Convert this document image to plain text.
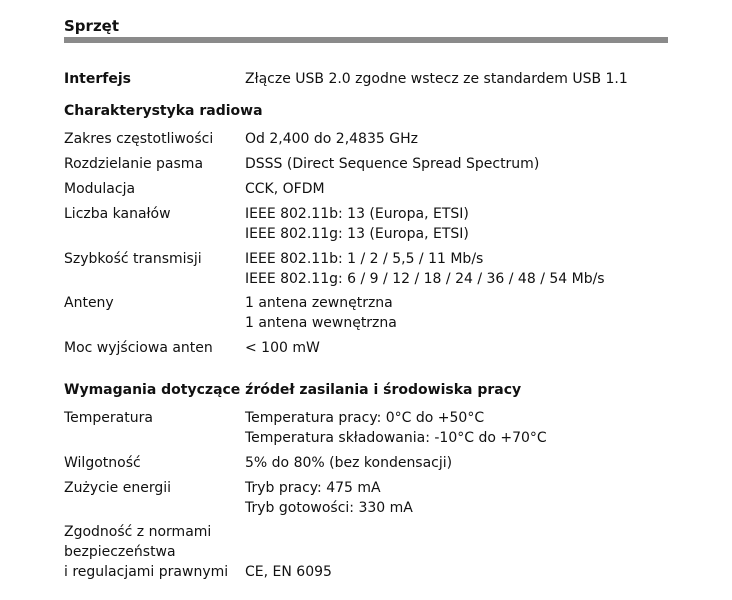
Sprzęt
Interfejs	Złącze USB 2.0 zgodne wstecz ze standardem USB 1.1
Charakterystyka radiowa
Zakres częstotliwości	Od 2,400 do 2,4835 GHz
Rozdzielanie pasma	DSSS (Direct Sequence Spread Spectrum)
Modulacja	CCK, OFDM
Liczba kanałów	IEEE 802.11b: 13 (Europa, ETSI)
IEEE 802.11g: 13 (Europa, ETSI)
Szybkość transmisji	IEEE 802.11b: 1 / 2 / 5,5 / 11 Mb/s
IEEE 802.11g: 6 / 9 / 12 / 18 / 24 / 36 / 48 / 54 Mb/s
Anteny	1 antena zewnętrzna
1 antena wewnętrzna
Moc wyjściowa anten	< 100 mW
Wymagania dotyczące źródeł zasilania i środowiska pracy
Temperatura	Temperatura pracy: 0°C do +50°C
Temperatura składowania: -10°C do +70°C
Wilgotność	5% do 80% (bez kondensacji)
Zużycie energii	Tryb pracy: 475 mA
Tryb gotowości: 330 mA
Zgodność z normami
bezpieczeństwa
i regulacjami prawnymi	CE, EN 6095
